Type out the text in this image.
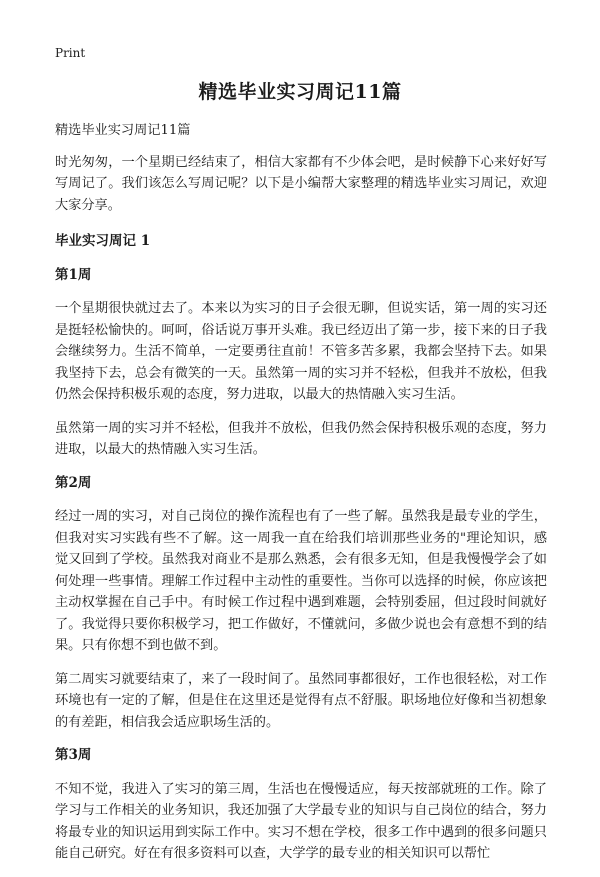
Print
精选毕业实习周记11篇

精选毕业实习周记11篇

时光匆匆，一个星期已经结束了，相信大家都有不少体会吧，是时候静下心来好好写写周记了。我们该怎么写周记呢？以下是小编帮大家整理的精选毕业实习周记，欢迎大家分享。

毕业实习周记 1

第1周

一个星期很快就过去了。本来以为实习的日子会很无聊，但说实话，第一周的实习还是挺轻松愉快的。呵呵，俗话说万事开头难。我已经迈出了第一步，接下来的日子我会继续努力。生活不简单，一定要勇往直前！不管多苦多累，我都会坚持下去。如果我坚持下去，总会有微笑的一天。虽然第一周的实习并不轻松，但我并不放松，但我仍然会保持积极乐观的态度，努力进取，以最大的热情融入实习生活。

虽然第一周的实习并不轻松，但我并不放松，但我仍然会保持积极乐观的态度，努力进取，以最大的热情融入实习生活。

第2周

经过一周的实习，对自己岗位的操作流程也有了一些了解。虽然我是最专业的学生，但我对实习实践有些不了解。这一周我一直在给我们培训那些业务的"理论知识，感觉又回到了学校。虽然我对商业不是那么熟悉，会有很多无知，但是我慢慢学会了如何处理一些事情。理解工作过程中主动性的重要性。当你可以选择的时候，你应该把主动权掌握在自己手中。有时候工作过程中遇到难题，会特别委屈，但过段时间就好了。我觉得只要你积极学习，把工作做好，不懂就问，多做少说也会有意想不到的结果。只有你想不到也做不到。

第二周实习就要结束了，来了一段时间了。虽然同事都很好，工作也很轻松，对工作环境也有一定的了解，但是住在这里还是觉得有点不舒服。职场地位好像和当初想象的有差距，相信我会适应职场生活的。

第3周

不知不觉，我进入了实习的第三周，生活也在慢慢适应，每天按部就班的工作。除了学习与工作相关的业务知识，我还加强了大学最专业的知识与自己岗位的结合，努力将最专业的知识运用到实际工作中。实习不想在学校，很多工作中遇到的很多问题只能自己研究。好在有很多资料可以查，大学学的最专业的相关知识可以帮忙
